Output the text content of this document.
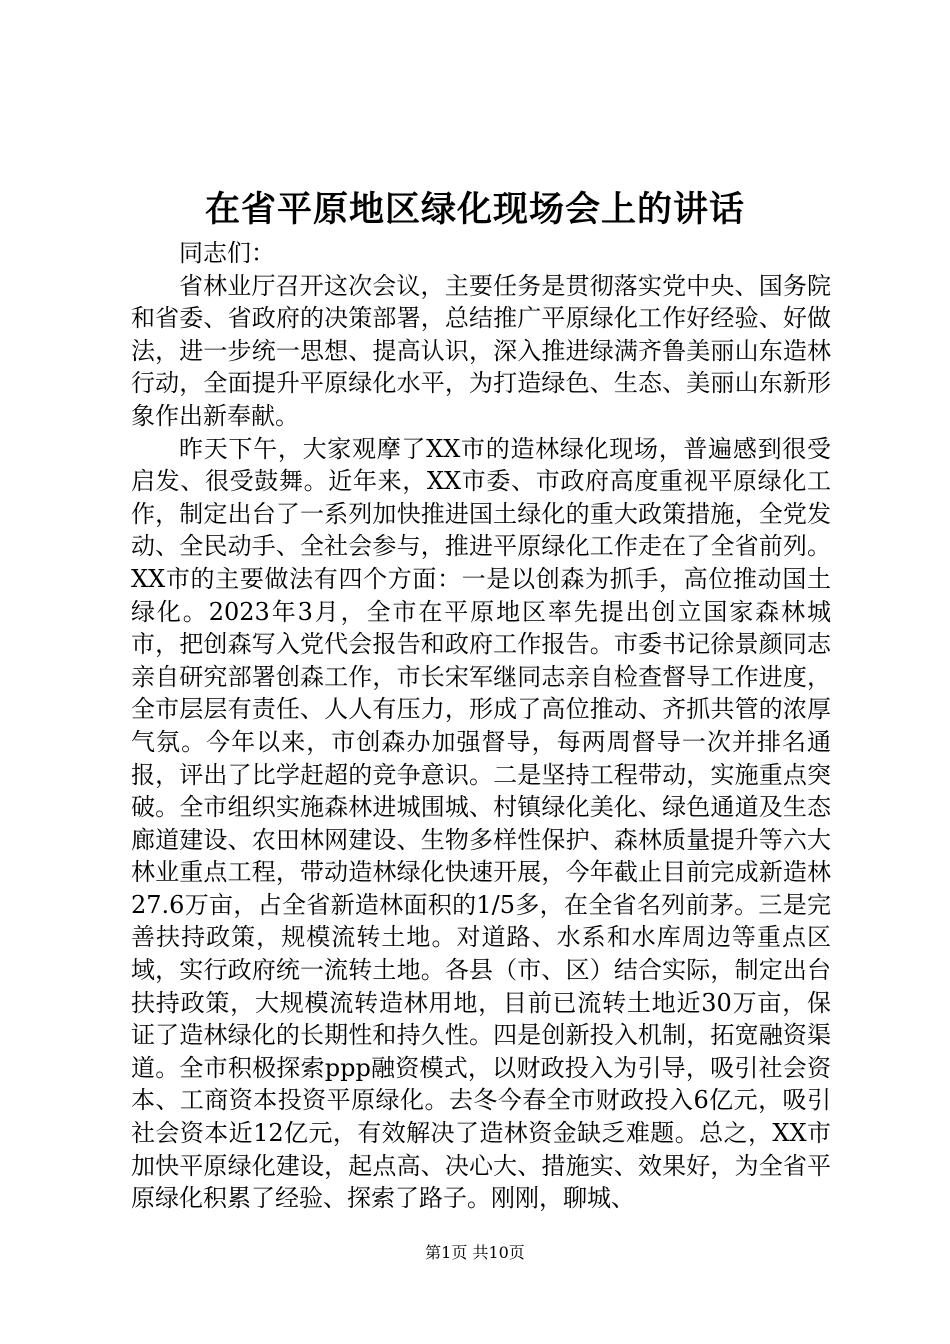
在省平原地区绿化现场会上的讲话

同志们：

省林业厅召开这次会议，主要任务是贯彻落实党中央、国务院和省委、省政府的决策部署，总结推广平原绿化工作好经验、好做法，进一步统一思想、提高认识，深入推进绿满齐鲁美丽山东造林行动，全面提升平原绿化水平，为打造绿色、生态、美丽山东新形象作出新奉献。

昨天下午，大家观摩了XX市的造林绿化现场，普遍感到很受启发、很受鼓舞。近年来，XX市委、市政府高度重视平原绿化工作，制定出台了一系列加快推进国土绿化的重大政策措施，全党发动、全民动手、全社会参与，推进平原绿化工作走在了全省前列。XX市的主要做法有四个方面：一是以创森为抓手，高位推动国土绿化。2023年3月，全市在平原地区率先提出创立国家森林城市，把创森写入党代会报告和政府工作报告。市委书记徐景颜同志亲自研究部署创森工作，市长宋军继同志亲自检查督导工作进度，全市层层有责任、人人有压力，形成了高位推动、齐抓共管的浓厚气氛。今年以来，市创森办加强督导，每两周督导一次并排名通报，评出了比学赶超的竞争意识。二是坚持工程带动，实施重点突破。全市组织实施森林进城围城、村镇绿化美化、绿色通道及生态廊道建设、农田林网建设、生物多样性保护、森林质量提升等六大林业重点工程，带动造林绿化快速开展，今年截止目前完成新造林27.6万亩，占全省新造林面积的1/5多，在全省名列前茅。三是完善扶持政策，规模流转土地。对道路、水系和水库周边等重点区域，实行政府统一流转土地。各县（市、区）结合实际，制定出台扶持政策，大规模流转造林用地，目前已流转土地近30万亩，保证了造林绿化的长期性和持久性。四是创新投入机制，拓宽融资渠道。全市积极探索ppp融资模式，以财政投入为引导，吸引社会资本、工商资本投资平原绿化。去冬今春全市财政投入6亿元，吸引社会资本近12亿元，有效解决了造林资金缺乏难题。总之，XX市加快平原绿化建设，起点高、决心大、措施实、效果好，为全省平原绿化积累了经验、探索了路子。刚刚，聊城、

第1页 共10页
